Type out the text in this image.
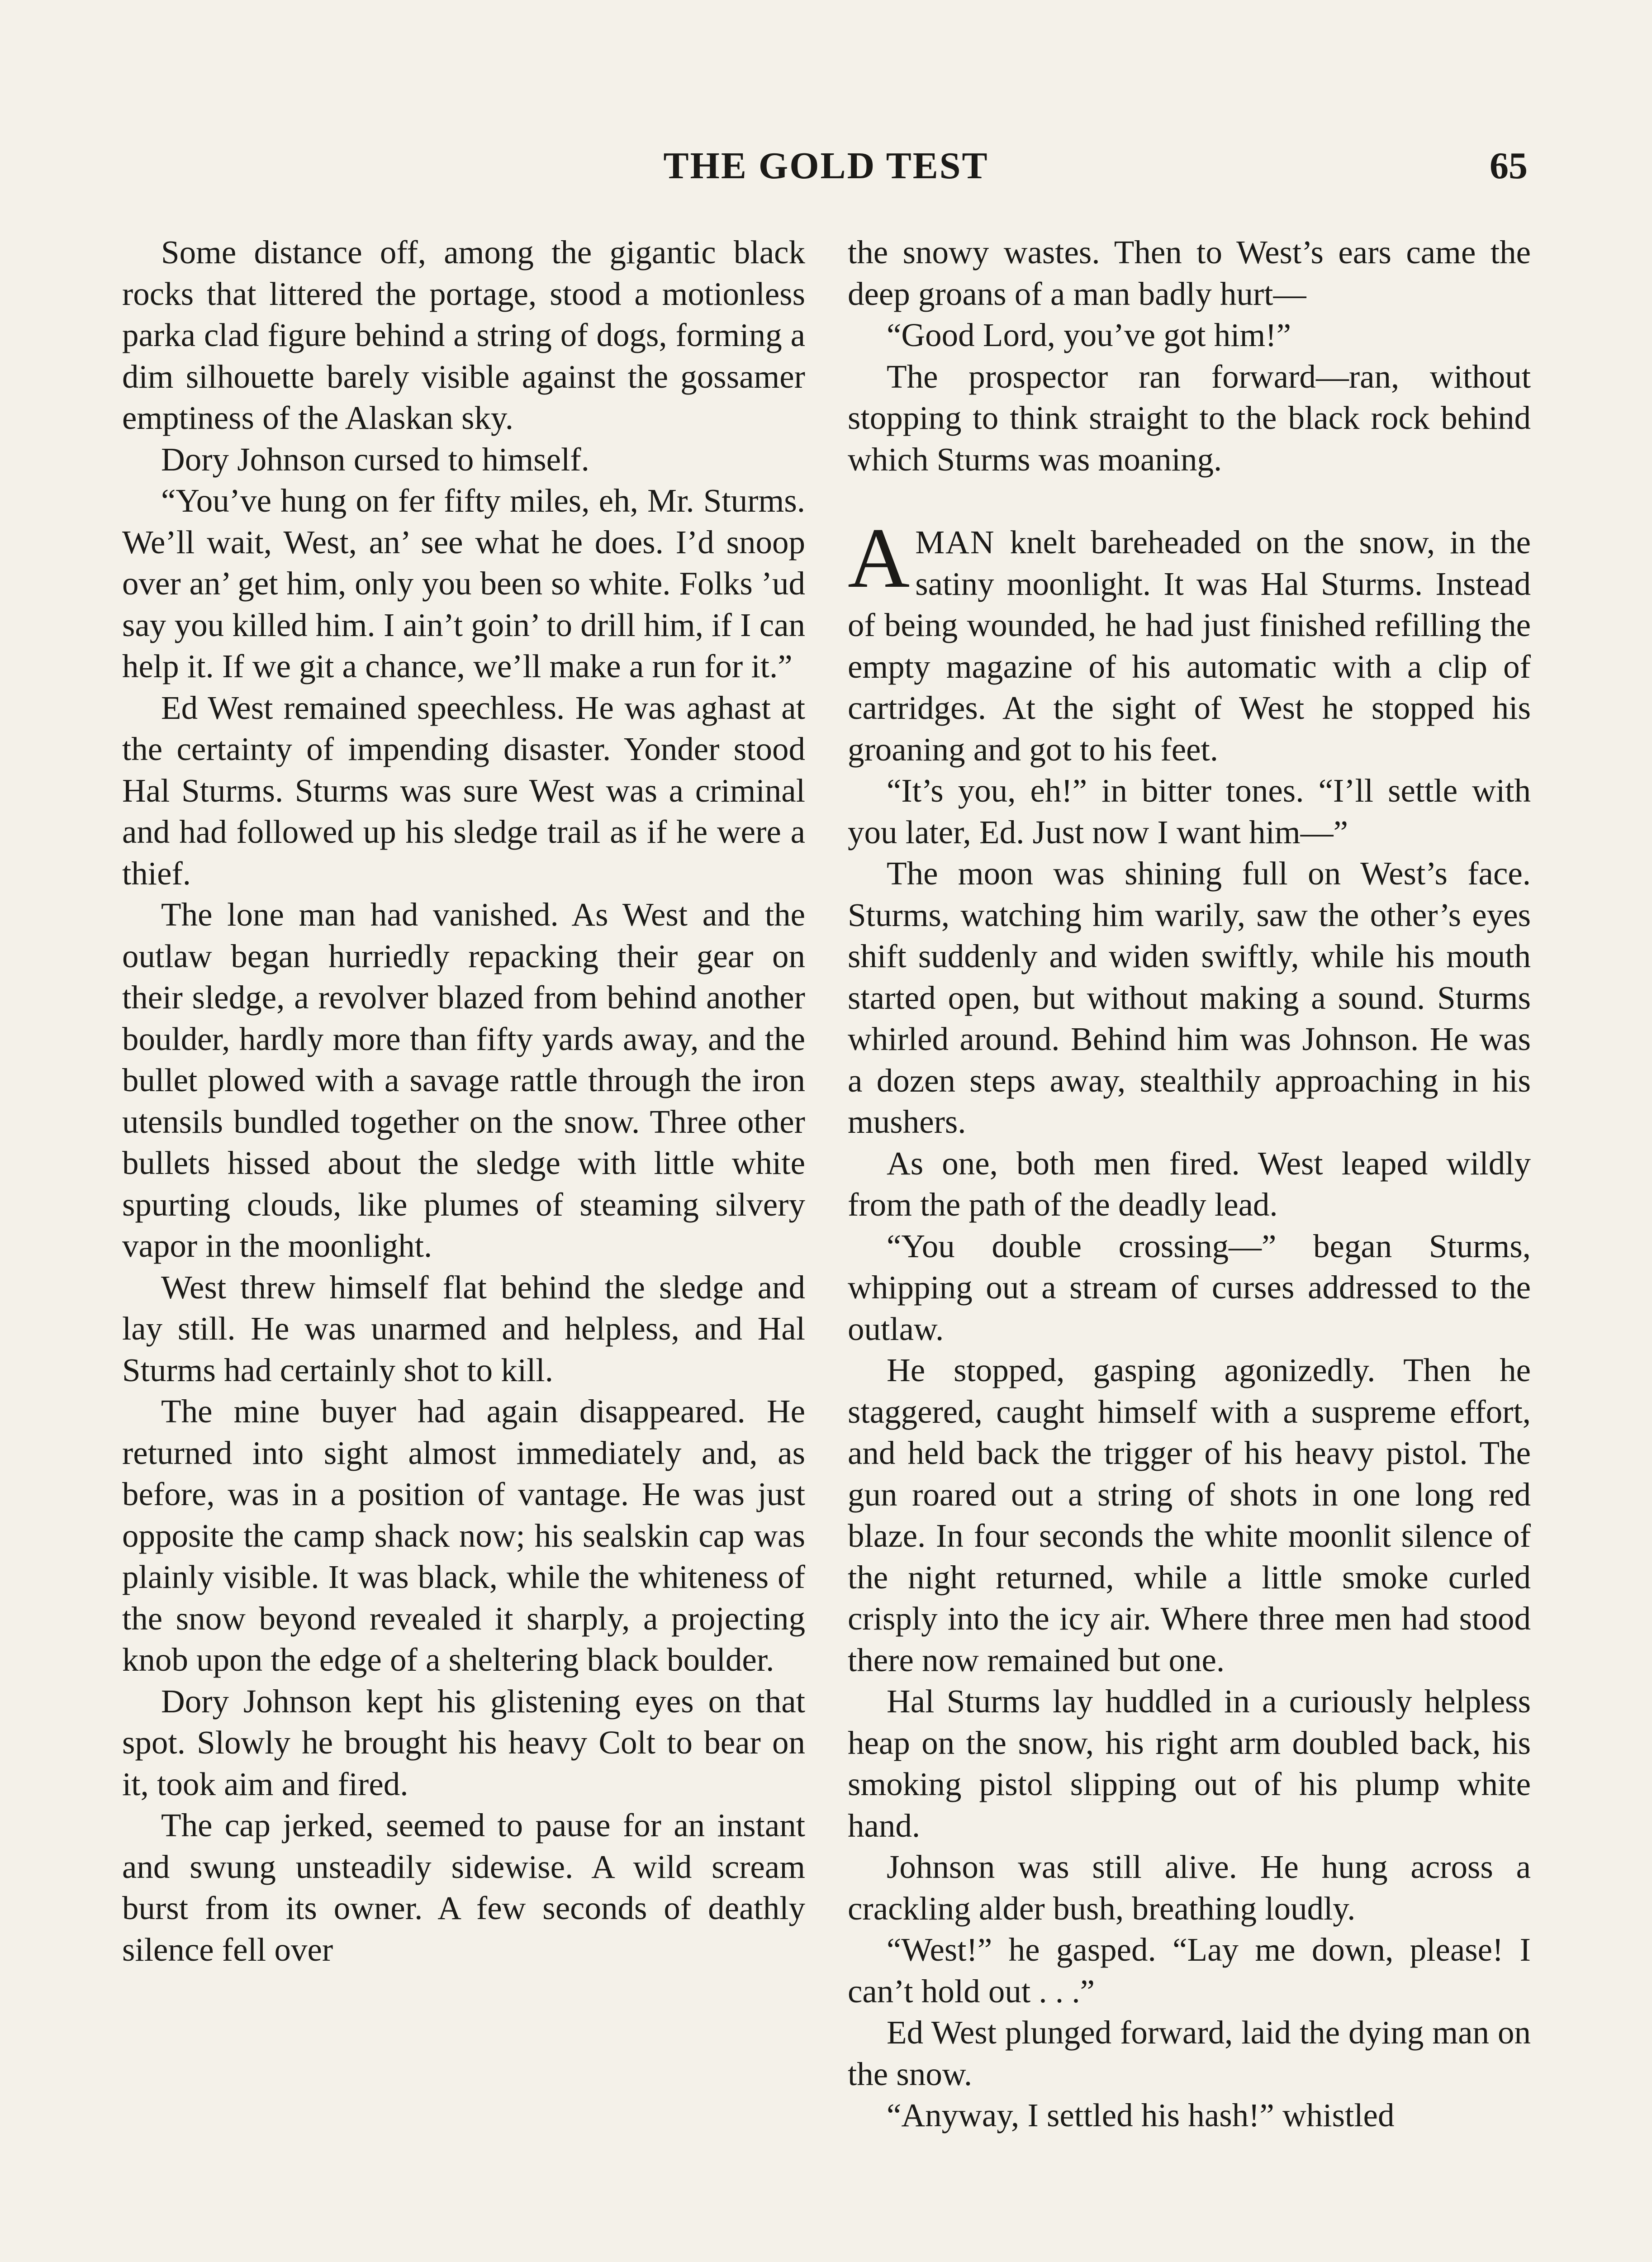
THE GOLD TEST	65

Some distance off, among the gigantic black rocks that littered the portage, stood a motionless parka clad figure behind a string of dogs, forming a dim silhouette barely visible against the gossamer emptiness of the Alaskan sky.

Dory Johnson cursed to himself.

“You’ve hung on fer fifty miles, eh, Mr. Sturms. We’ll wait, West, an’ see what he does. I’d snoop over an’ get him, only you been so white. Folks ’ud say you killed him. I ain’t goin’ to drill him, if I can help it. If we git a chance, we’ll make a run for it.”

Ed West remained speechless. He was aghast at the certainty of impending disaster. Yonder stood Hal Sturms. Sturms was sure West was a criminal and had followed up his sledge trail as if he were a thief.

The lone man had vanished. As West and the outlaw began hurriedly repacking their gear on their sledge, a revolver blazed from behind another boulder, hardly more than fifty yards away, and the bullet plowed with a savage rattle through the iron utensils bundled together on the snow. Three other bullets hissed about the sledge with little white spurting clouds, like plumes of steaming silvery vapor in the moonlight.

West threw himself flat behind the sledge and lay still. He was unarmed and helpless, and Hal Sturms had certainly shot to kill.

The mine buyer had again disappeared. He returned into sight almost immediately and, as before, was in a position of vantage. He was just opposite the camp shack now; his sealskin cap was plainly visible. It was black, while the whiteness of the snow beyond revealed it sharply, a projecting knob upon the edge of a sheltering black boulder.

Dory Johnson kept his glistening eyes on that spot. Slowly he brought his heavy Colt to bear on it, took aim and fired.

The cap jerked, seemed to pause for an instant and swung unsteadily sidewise. A wild scream burst from its owner. A few seconds of deathly silence fell over

the snowy wastes. Then to West’s ears came the deep groans of a man badly hurt—

“Good Lord, you’ve got him!”

The prospector ran forward—ran, without stopping to think straight to the black rock behind which Sturms was moaning.

AMAN knelt bareheaded on the snow, in the satiny moonlight. It was Hal Sturms. Instead of being wounded, he had just finished refilling the empty magazine of his automatic with a clip of cartridges. At the sight of West he stopped his groaning and got to his feet.

“It’s you, eh!” in bitter tones. “I’ll settle with you later, Ed. Just now I want him—”

The moon was shining full on West’s face. Sturms, watching him warily, saw the other’s eyes shift suddenly and widen swiftly, while his mouth started open, but without making a sound. Sturms whirled around. Behind him was Johnson. He was a dozen steps away, stealthily approaching in his mushers.

As one, both men fired. West leaped wildly from the path of the deadly lead.

“You double crossing—” began Sturms, whipping out a stream of curses addressed to the outlaw.

He stopped, gasping agonizedly. Then he staggered, caught himself with a suspreme effort, and held back the trigger of his heavy pistol. The gun roared out a string of shots in one long red blaze. In four seconds the white moonlit silence of the night returned, while a little smoke curled crisply into the icy air. Where three men had stood there now remained but one.

Hal Sturms lay huddled in a curiously helpless heap on the snow, his right arm doubled back, his smoking pistol slipping out of his plump white hand.

Johnson was still alive. He hung across a crackling alder bush, breathing loudly.

“West!” he gasped. “Lay me down, please! I can’t hold out . . .”

Ed West plunged forward, laid the dying man on the snow.

“Anyway, I settled his hash!” whistled
